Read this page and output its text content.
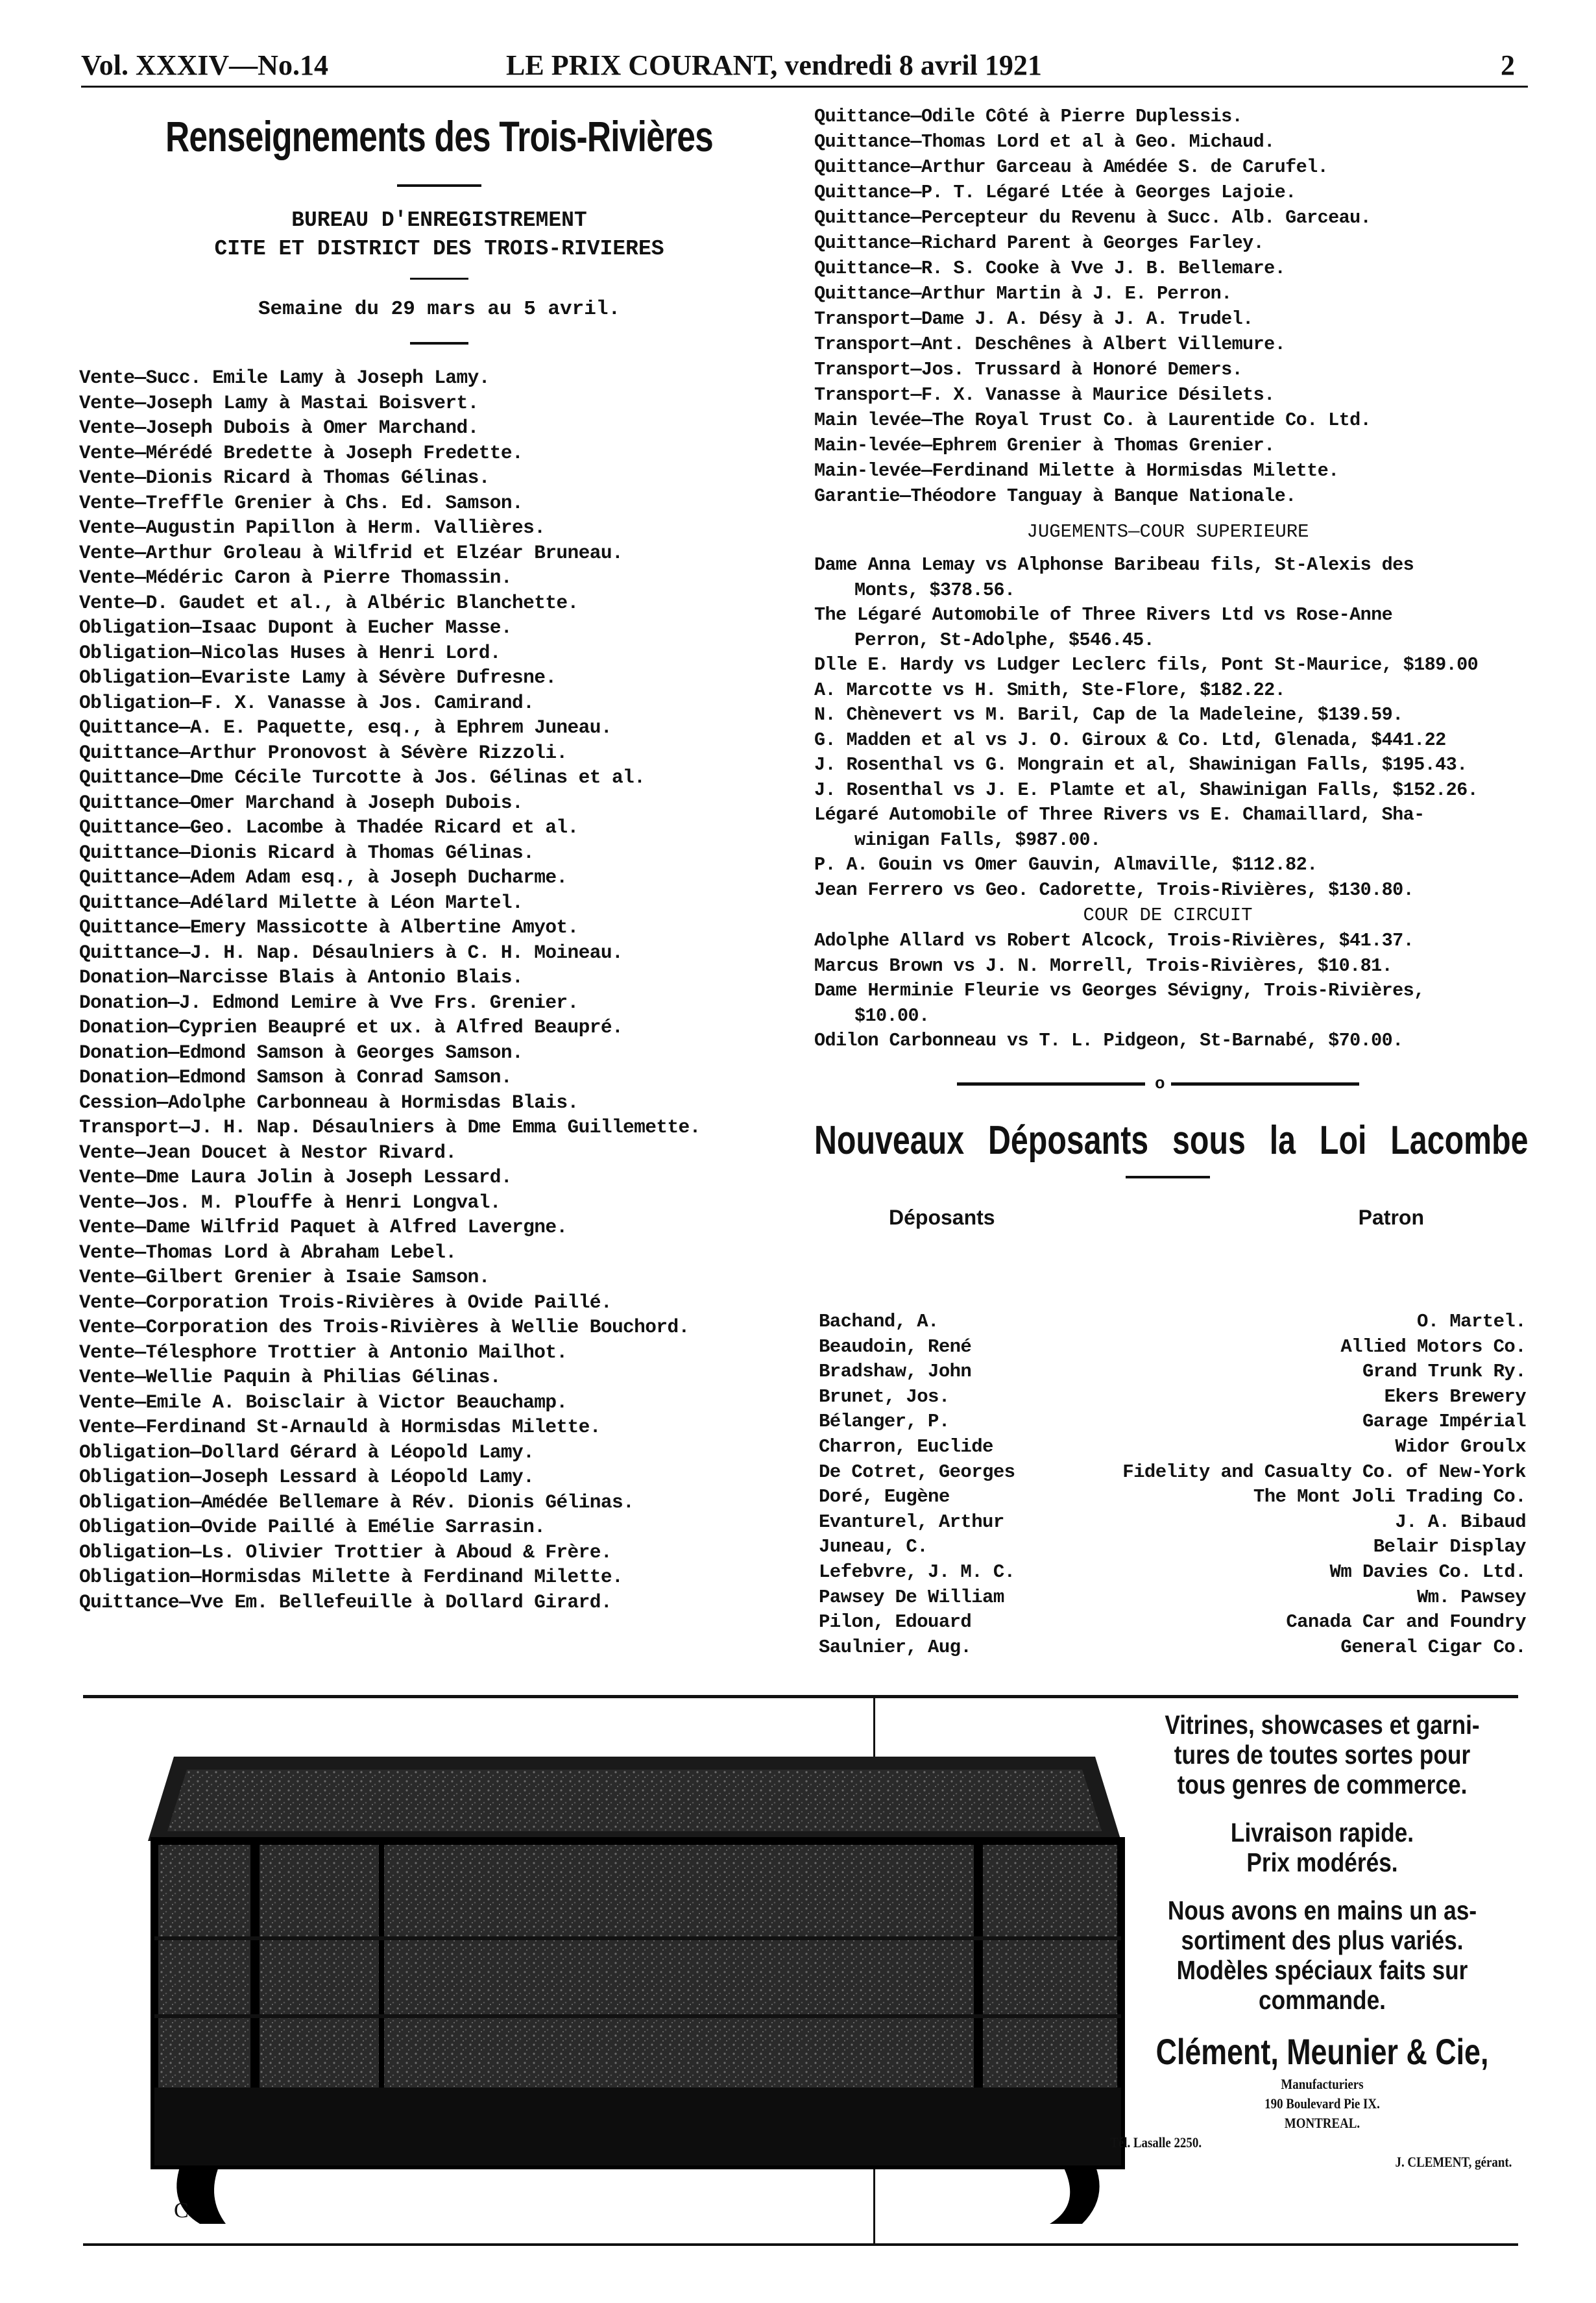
Vol. XXXIV—No.14	LE PRIX COURANT, vendredi 8 avril 1921	2
Renseignements des Trois-Rivières
BUREAU D'ENREGISTREMENT
CITE ET DISTRICT DES TROIS-RIVIERES
Semaine du 29 mars au 5 avril.
Vente—Succ. Emile Lamy à Joseph Lamy.
Vente—Joseph Lamy à Mastai Boisvert.
Vente—Joseph Dubois à Omer Marchand.
Vente—Mérédé Bredette à Joseph Fredette.
Vente—Dionis Ricard à Thomas Gélinas.
Vente—Treffle Grenier à Chs. Ed. Samson.
Vente—Augustin Papillon à Herm. Vallières.
Vente—Arthur Groleau à Wilfrid et Elzéar Bruneau.
Vente—Médéric Caron à Pierre Thomassin.
Vente—D. Gaudet et al., à Albéric Blanchette.
Obligation—Isaac Dupont à Eucher Masse.
Obligation—Nicolas Huses à Henri Lord.
Obligation—Evariste Lamy à Sévère Dufresne.
Obligation—F. X. Vanasse à Jos. Camirand.
Quittance—A. E. Paquette, esq., à Ephrem Juneau.
Quittance—Arthur Pronovost à Sévère Rizzoli.
Quittance—Dme Cécile Turcotte à Jos. Gélinas et al.
Quittance—Omer Marchand à Joseph Dubois.
Quittance—Geo. Lacombe à Thadée Ricard et al.
Quittance—Dionis Ricard à Thomas Gélinas.
Quittance—Adem Adam esq., à Joseph Ducharme.
Quittance—Adélard Milette à Léon Martel.
Quittance—Emery Massicotte à Albertine Amyot.
Quittance—J. H. Nap. Désaulniers à C. H. Moineau.
Donation—Narcisse Blais à Antonio Blais.
Donation—J. Edmond Lemire à Vve Frs. Grenier.
Donation—Cyprien Beaupré et ux. à Alfred Beaupré.
Donation—Edmond Samson à Georges Samson.
Donation—Edmond Samson à Conrad Samson.
Cession—Adolphe Carbonneau à Hormisdas Blais.
Transport—J. H. Nap. Désaulniers à Dme Emma Guillemette.
Vente—Jean Doucet à Nestor Rivard.
Vente—Dme Laura Jolin à Joseph Lessard.
Vente—Jos. M. Plouffe à Henri Longval.
Vente—Dame Wilfrid Paquet à Alfred Lavergne.
Vente—Thomas Lord à Abraham Lebel.
Vente—Gilbert Grenier à Isaie Samson.
Vente—Corporation Trois-Rivières à Ovide Paillé.
Vente—Corporation des Trois-Rivières à Wellie Bouchord.
Vente—Télesphore Trottier à Antonio Mailhot.
Vente—Wellie Paquin à Philias Gélinas.
Vente—Emile A. Boisclair à Victor Beauchamp.
Vente—Ferdinand St-Arnauld à Hormisdas Milette.
Obligation—Dollard Gérard à Léopold Lamy.
Obligation—Joseph Lessard à Léopold Lamy.
Obligation—Amédée Bellemare à Rév. Dionis Gélinas.
Obligation—Ovide Paillé à Emélie Sarrasin.
Obligation—Ls. Olivier Trottier à Aboud & Frère.
Obligation—Hormisdas Milette à Ferdinand Milette.
Quittance—Vve Em. Bellefeuille à Dollard Girard.
Quittance—Odile Côté à Pierre Duplessis.
Quittance—Thomas Lord et al à Geo. Michaud.
Quittance—Arthur Garceau à Amédée S. de Carufel.
Quittance—P. T. Légaré Ltée à Georges Lajoie.
Quittance—Percepteur du Revenu à Succ. Alb. Garceau.
Quittance—Richard Parent à Georges Farley.
Quittance—R. S. Cooke à Vve J. B. Bellemare.
Quittance—Arthur Martin à J. E. Perron.
Transport—Dame J. A. Désy à J. A. Trudel.
Transport—Ant. Deschênes à Albert Villemure.
Transport—Jos. Trussard à Honoré Demers.
Transport—F. X. Vanasse à Maurice Désilets.
Main levée—The Royal Trust Co. à Laurentide Co. Ltd.
Main-levée—Ephrem Grenier à Thomas Grenier.
Main-levée—Ferdinand Milette à Hormisdas Milette.
Garantie—Théodore Tanguay à Banque Nationale.
JUGEMENTS—COUR SUPERIEURE
Dame Anna Lemay vs Alphonse Baribeau fils, St-Alexis des
Monts, $378.56.
The Légaré Automobile of Three Rivers Ltd vs Rose-Anne
Perron, St-Adolphe, $546.45.
Dlle E. Hardy vs Ludger Leclerc fils, Pont St-Maurice, $189.00
A. Marcotte vs H. Smith, Ste-Flore, $182.22.
N. Chènevert vs M. Baril, Cap de la Madeleine, $139.59.
G. Madden et al vs J. O. Giroux & Co. Ltd, Glenada, $441.22
J. Rosenthal vs G. Mongrain et al, Shawinigan Falls, $195.43.
J. Rosenthal vs J. E. Plamte et al, Shawinigan Falls, $152.26.
Légaré Automobile of Three Rivers vs E. Chamaillard, Sha-
winigan Falls, $987.00.
P. A. Gouin vs Omer Gauvin, Almaville, $112.82.
Jean Ferrero vs Geo. Cadorette, Trois-Rivières, $130.80.
COUR DE CIRCUIT
Adolphe Allard vs Robert Alcock, Trois-Rivières, $41.37.
Marcus Brown vs J. N. Morrell, Trois-Rivières, $10.81.
Dame Herminie Fleurie vs Georges Sévigny, Trois-Rivières,
$10.00.
Odilon Carbonneau vs T. L. Pidgeon, St-Barnabé, $70.00.
o
Nouveaux Déposants sous la Loi Lacombe
Déposants	Patron
Bachand, A.	O. Martel.
Beaudoin, René	Allied Motors Co.
Bradshaw, John	Grand Trunk Ry.
Brunet, Jos.	Ekers Brewery
Bélanger, P.	Garage Impérial
Charron, Euclide	Widor Groulx
De Cotret, Georges	Fidelity and Casualty Co. of New-York
Doré, Eugène	The Mont Joli Trading Co.
Evanturel, Arthur	J. A. Bibaud
Juneau, C.	Belair Display
Lefebvre, J. M. C.	Wm Davies Co. Ltd.
Pawsey De William	Wm. Pawsey
Pilon, Edouard	Canada Car and Foundry
Saulnier, Aug.	General Cigar Co.
C

Vitrines, showcases et garni-

tures de toutes sortes pour

tous genres de commerce.

Livraison rapide.

Prix modérés.

Nous avons en mains un as-

sortiment des plus variés.

Modèles spéciaux faits sur

commande.

Clément, Meunier & Cie,

Manufacturiers

190 Boulevard Pie IX.

MONTREAL.

Tél. Lasalle 2250.

J. CLEMENT, gérant.
